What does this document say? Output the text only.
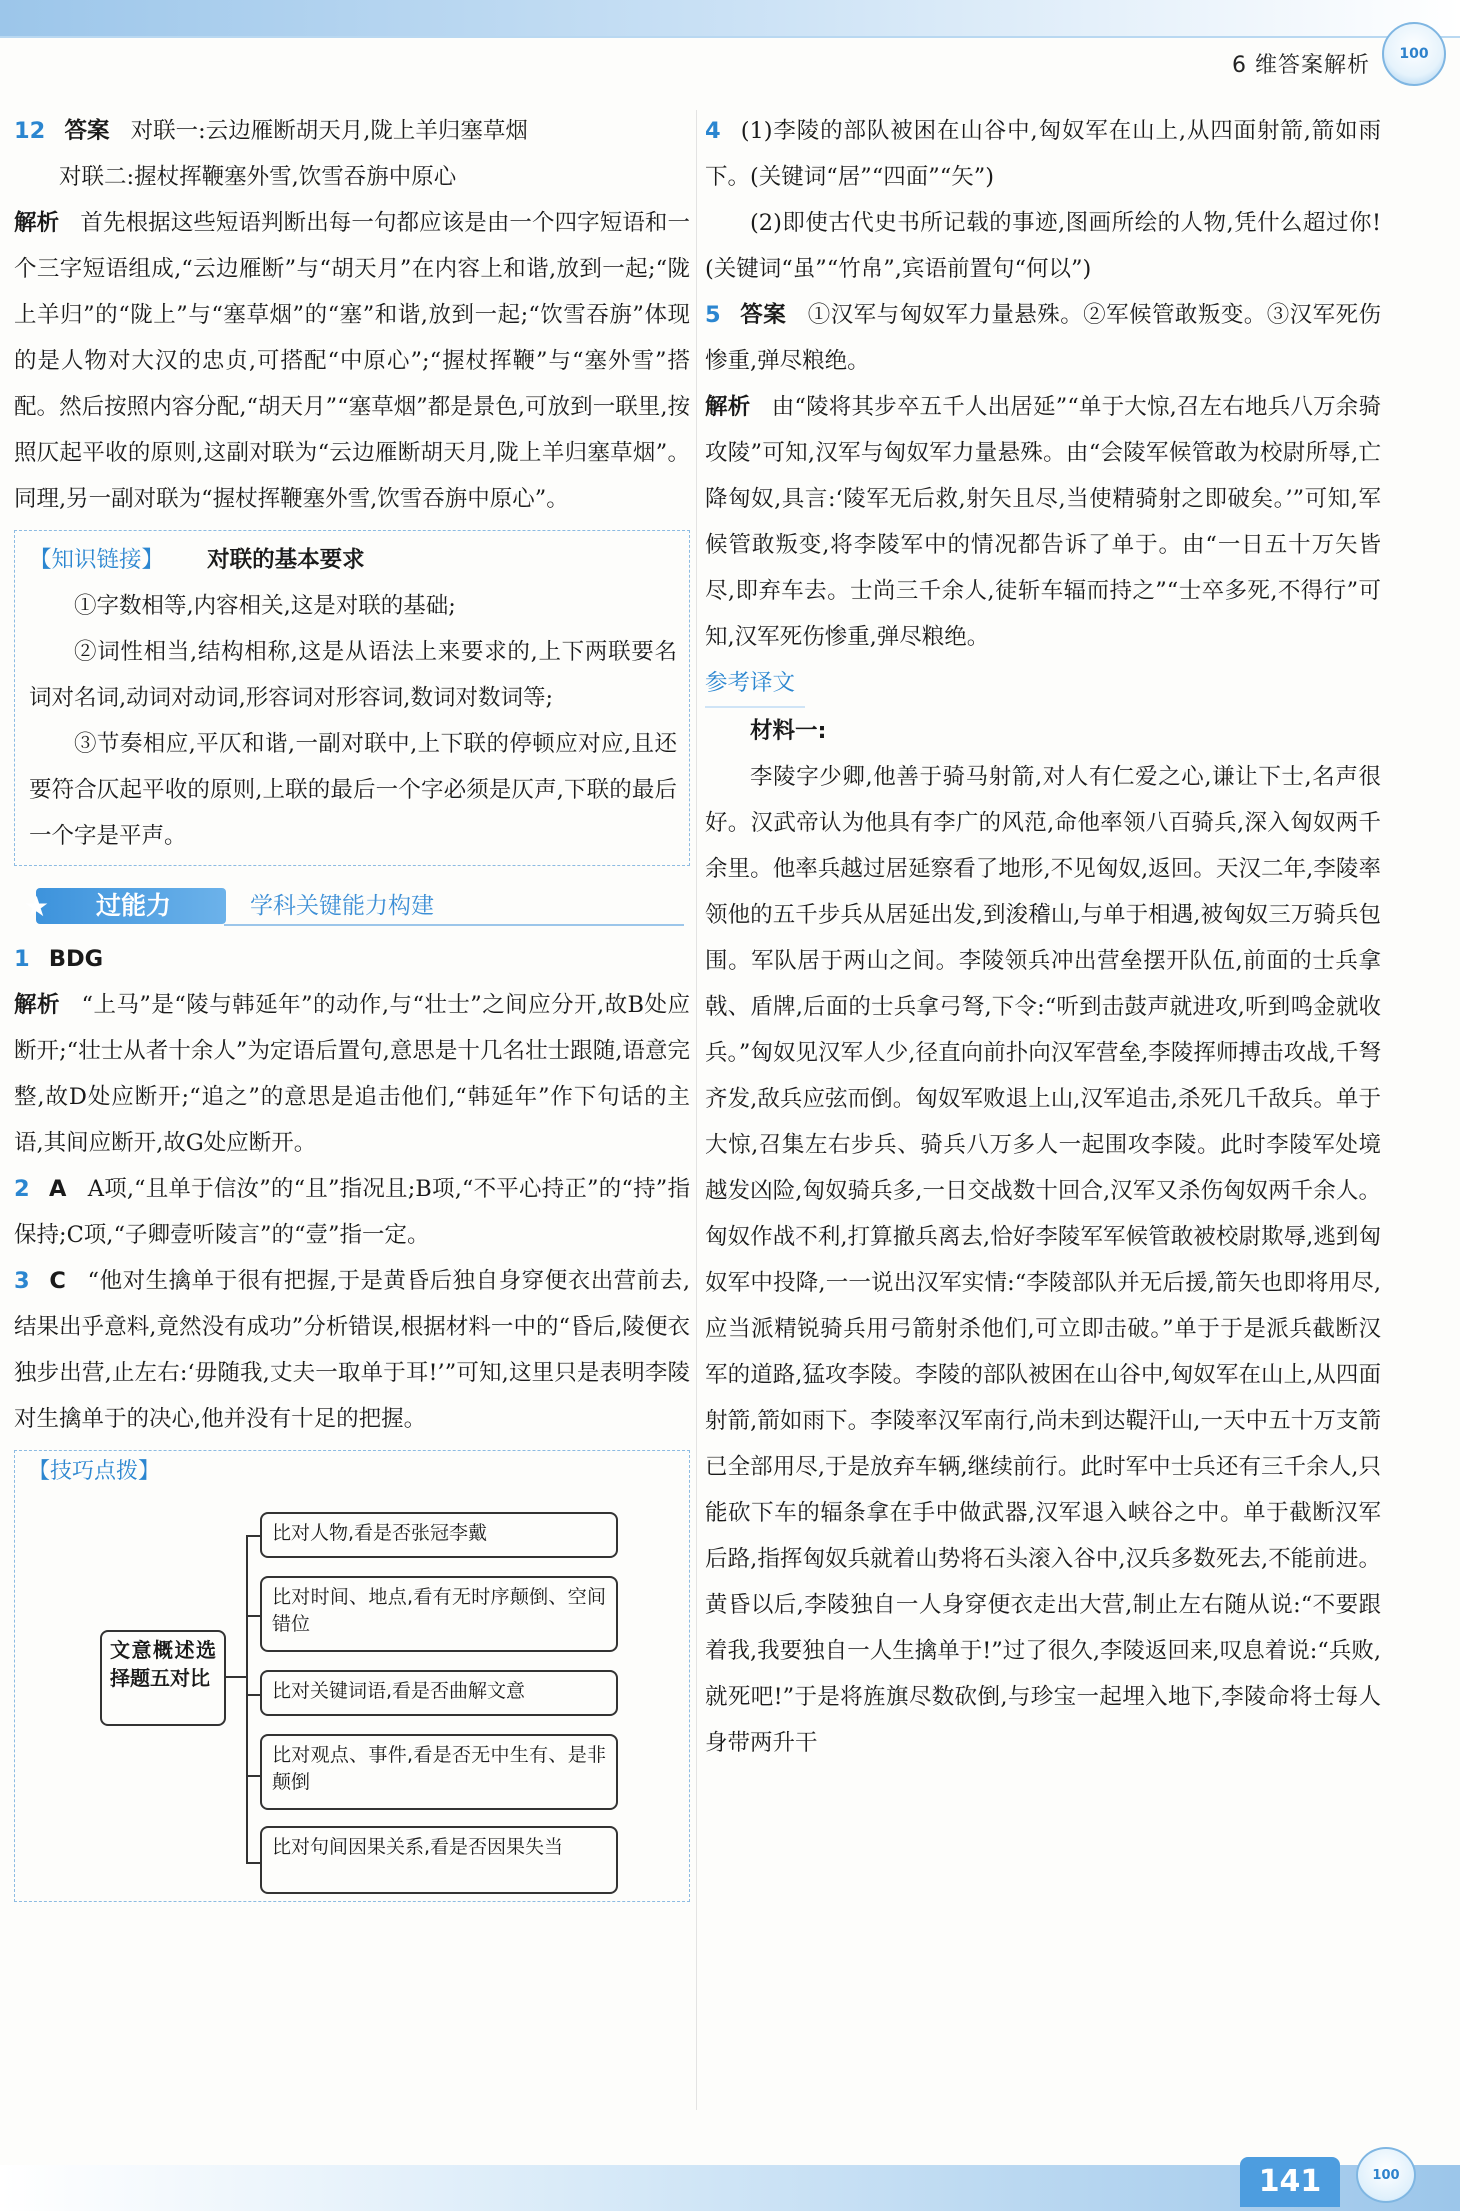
6 维答案解析	100

12 答案 对联一:云边雁断胡天月,陇上羊归塞草烟

对联二:握杖挥鞭塞外雪,饮雪吞旃中原心

解析 首先根据这些短语判断出每一句都应该是由一个四字短语和一个三字短语组成,“云边雁断”与“胡天月”在内容上和谐,放到一起;“陇上羊归”的“陇上”与“塞草烟”的“塞”和谐,放到一起;“饮雪吞旃”体现的是人物对大汉的忠贞,可搭配“中原心”;“握杖挥鞭”与“塞外雪”搭配。然后按照内容分配,“胡天月”“塞草烟”都是景色,可放到一联里,按照仄起平收的原则,这副对联为“云边雁断胡天月,陇上羊归塞草烟”。同理,另一副对联为“握杖挥鞭塞外雪,饮雪吞旃中原心”。

【知识链接】 对联的基本要求

①字数相等,内容相关,这是对联的基础;

②词性相当,结构相称,这是从语法上来要求的,上下两联要名词对名词,动词对动词,形容词对形容词,数词对数词等;

③节奏相应,平仄和谐,一副对联中,上下联的停顿应对应,且还要符合仄起平收的原则,上联的最后一个字必须是仄声,下联的最后一个字是平声。

过能力
★	学科关键能力构建

1 BDG

解析 “上马”是“陵与韩延年”的动作,与“壮士”之间应分开,故B处应断开;“壮士从者十余人”为定语后置句,意思是十几名壮士跟随,语意完整,故D处应断开;“追之”的意思是追击他们,“韩延年”作下句话的主语,其间应断开,故G处应断开。

2 A A项,“且单于信汝”的“且”指况且;B项,“不平心持正”的“持”指保持;C项,“子卿壹听陵言”的“壹”指一定。

3 C “他对生擒单于很有把握,于是黄昏后独自身穿便衣出营前去,结果出乎意料,竟然没有成功”分析错误,根据材料一中的“昏后,陵便衣独步出营,止左右:‘毋随我,丈夫一取单于耳!’”可知,这里只是表明李陵对生擒单于的决心,他并没有十足的把握。

【技巧点拨】
文意概述选择题五对比
比对人物,看是否张冠李戴
比对时间、地点,看有无时序颠倒、空间错位
比对关键词语,看是否曲解文意
比对观点、事件,看是否无中生有、是非颠倒
比对句间因果关系,看是否因果失当

4 (1)李陵的部队被困在山谷中,匈奴军在山上,从四面射箭,箭如雨下。(关键词“居”“四面”“矢”)

(2)即使古代史书所记载的事迹,图画所绘的人物,凭什么超过你!(关键词“虽”“竹帛”,宾语前置句“何以”)

5 答案 ①汉军与匈奴军力量悬殊。②军候管敢叛变。③汉军死伤惨重,弹尽粮绝。

解析 由“陵将其步卒五千人出居延”“单于大惊,召左右地兵八万余骑攻陵”可知,汉军与匈奴军力量悬殊。由“会陵军候管敢为校尉所辱,亡降匈奴,具言:‘陵军无后救,射矢且尽,当使精骑射之即破矣。’”可知,军候管敢叛变,将李陵军中的情况都告诉了单于。由“一日五十万矢皆尽,即弃车去。士尚三千余人,徒斩车辐而持之”“士卒多死,不得行”可知,汉军死伤惨重,弹尽粮绝。

参考译文

材料一:

李陵字少卿,他善于骑马射箭,对人有仁爱之心,谦让下士,名声很好。汉武帝认为他具有李广的风范,命他率领八百骑兵,深入匈奴两千余里。他率兵越过居延察看了地形,不见匈奴,返回。天汉二年,李陵率领他的五千步兵从居延出发,到浚稽山,与单于相遇,被匈奴三万骑兵包围。军队居于两山之间。李陵领兵冲出营垒摆开队伍,前面的士兵拿戟、盾牌,后面的士兵拿弓弩,下令:“听到击鼓声就进攻,听到鸣金就收兵。”匈奴见汉军人少,径直向前扑向汉军营垒,李陵挥师搏击攻战,千弩齐发,敌兵应弦而倒。匈奴军败退上山,汉军追击,杀死几千敌兵。单于大惊,召集左右步兵、骑兵八万多人一起围攻李陵。此时李陵军处境越发凶险,匈奴骑兵多,一日交战数十回合,汉军又杀伤匈奴两千余人。匈奴作战不利,打算撤兵离去,恰好李陵军军候管敢被校尉欺辱,逃到匈奴军中投降,一一说出汉军实情:“李陵部队并无后援,箭矢也即将用尽,应当派精锐骑兵用弓箭射杀他们,可立即击破。”单于于是派兵截断汉军的道路,猛攻李陵。李陵的部队被困在山谷中,匈奴军在山上,从四面射箭,箭如雨下。李陵率汉军南行,尚未到达鞮汗山,一天中五十万支箭已全部用尽,于是放弃车辆,继续前行。此时军中士兵还有三千余人,只能砍下车的辐条拿在手中做武器,汉军退入峡谷之中。单于截断汉军后路,指挥匈奴兵就着山势将石头滚入谷中,汉兵多数死去,不能前进。黄昏以后,李陵独自一人身穿便衣走出大营,制止左右随从说:“不要跟着我,我要独自一人生擒单于!”过了很久,李陵返回来,叹息着说:“兵败,就死吧!”于是将旌旗尽数砍倒,与珍宝一起埋入地下,李陵命将士每人身带两升干

141	100
